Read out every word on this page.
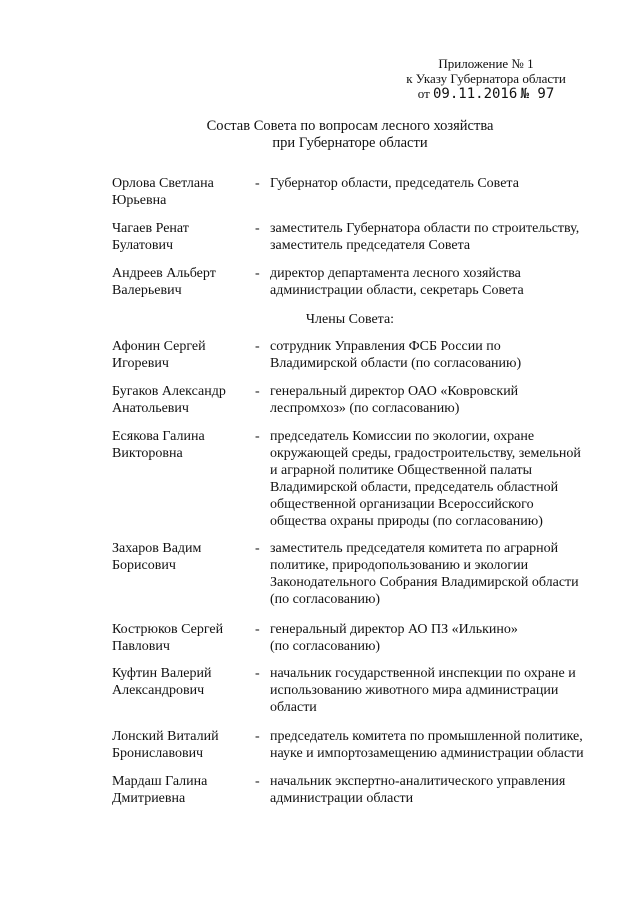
Приложение № 1
к Указу Губернатора области
от 09.11.2016 № 97
Состав Совета по вопросам лесного хозяйства
при Губернаторе области
Орлова Светлана
Юрьевна
- Губернатор области, председатель Совета
Чагаев Ренат
Булатович
- заместитель Губернатора области по строительству,
заместитель председателя Совета
Андреев Альберт
Валерьевич
- директор департамента лесного хозяйства
администрации области, секретарь Совета
Члены Совета:
Афонин Сергей
Игоревич
- сотрудник Управления ФСБ России по
Владимирской области (по согласованию)
Бугаков Александр
Анатольевич
- генеральный директор ОАО «Ковровский
леспромхоз» (по согласованию)
Есякова Галина
Викторовна
- председатель Комиссии по экологии, охране
окружающей среды, градостроительству, земельной
и аграрной политике Общественной палаты
Владимирской области, председатель областной
общественной организации Всероссийского
общества охраны природы (по согласованию)
Захаров Вадим
Борисович
- заместитель председателя комитета по аграрной
политике, природопользованию и экологии
Законодательного Собрания Владимирской области
(по согласованию)
Кострюков Сергей
Павлович
- генеральный директор АО ПЗ «Илькино»
(по согласованию)
Куфтин Валерий
Александрович
- начальник государственной инспекции по охране и
использованию животного мира администрации
области
Лонский Виталий
Брониславович
- председатель комитета по промышленной политике,
науке и импортозамещению администрации области
Мардаш Галина
Дмитриевна
- начальник экспертно-аналитического управления
администрации области
